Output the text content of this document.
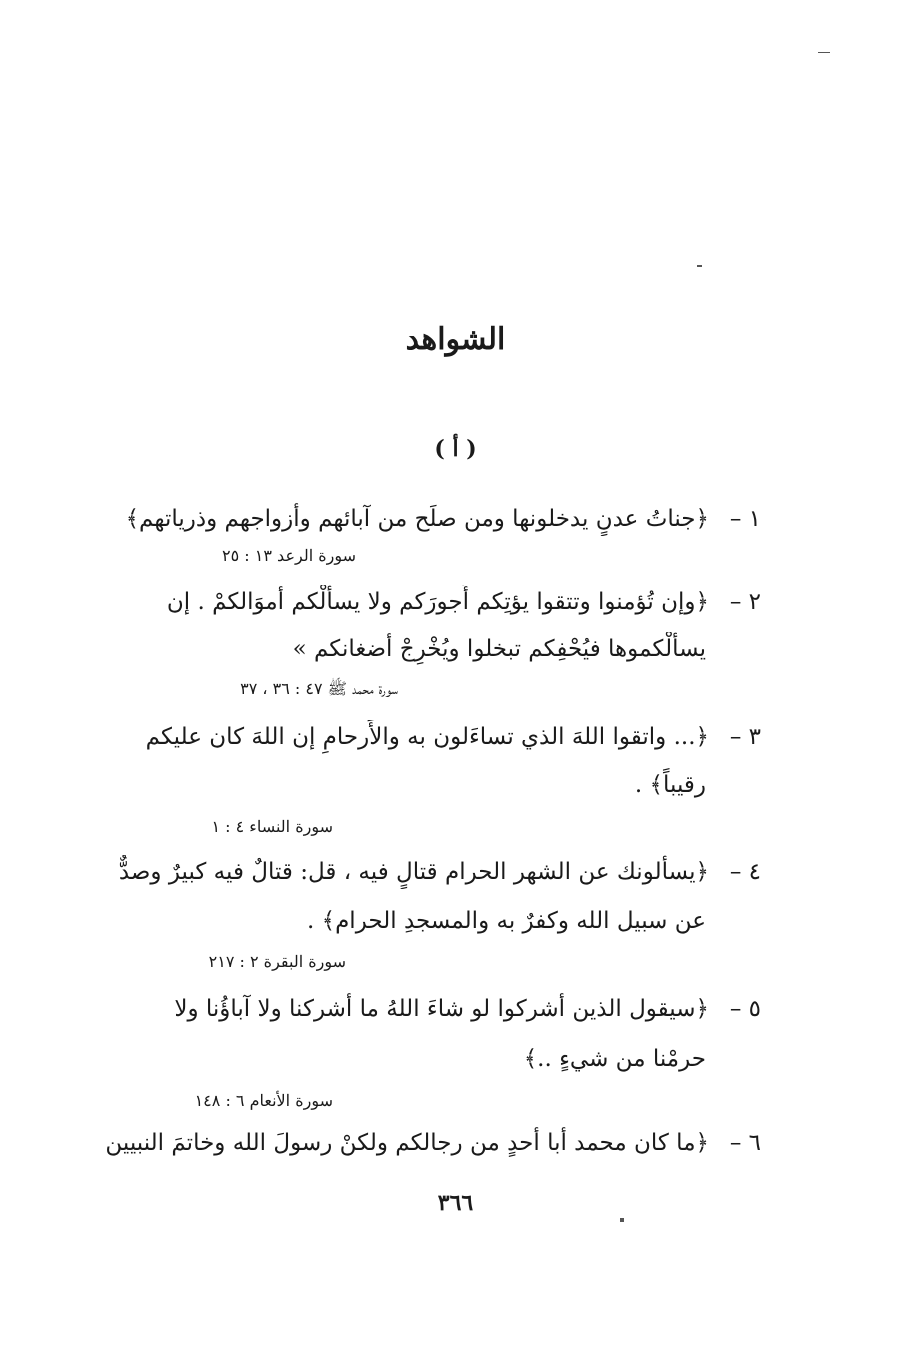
الشواهد
( أ )
١ –﴿جناتُ عدنٍ يدخلونها ومن صلَح من آبائهم وأزواجهم وذرياتهم﴾
سورة الرعد ١٣ : ٢٥
٢ –﴿وإن تُؤمنوا وتتقوا يؤتِكم أُجورَكم ولا يسألْكم أموَالكمْ . إن
يسألْكموها فيُحْفِكم تبخلوا ويُخْرِجْ أضغانكم »
سورة محمد ﷺ ٤٧ : ٣٦ ، ٣٧
٣ –﴿... واتقوا اللهَ الذي تساءَلون به والأَرحامِ إن اللهَ كان عليكم
رقيباً﴾ .
سورة النساء ٤ : ١
٤ –﴿يسأَلونك عن الشهر الحرام قتالٍ فيه ، قل: قتالٌ فيه كبيرٌ وصدٌّ
عن سبيل الله وكفرٌ به والمسجدِ الحرام﴾ .
سورة البقرة ٢ : ٢١٧
٥ –﴿سيقول الذين أشركوا لو شاءَ اللهُ ما أشركنا ولا آباؤُنا ولا
حرمْنا من شيءٍ ..﴾
سورة الأنعام ٦ : ١٤٨
٦ –﴿ما كان محمد أبا أحدٍ من رجالكم ولكنْ رسولَ الله وخاتمَ النبيين
٣٦٦
